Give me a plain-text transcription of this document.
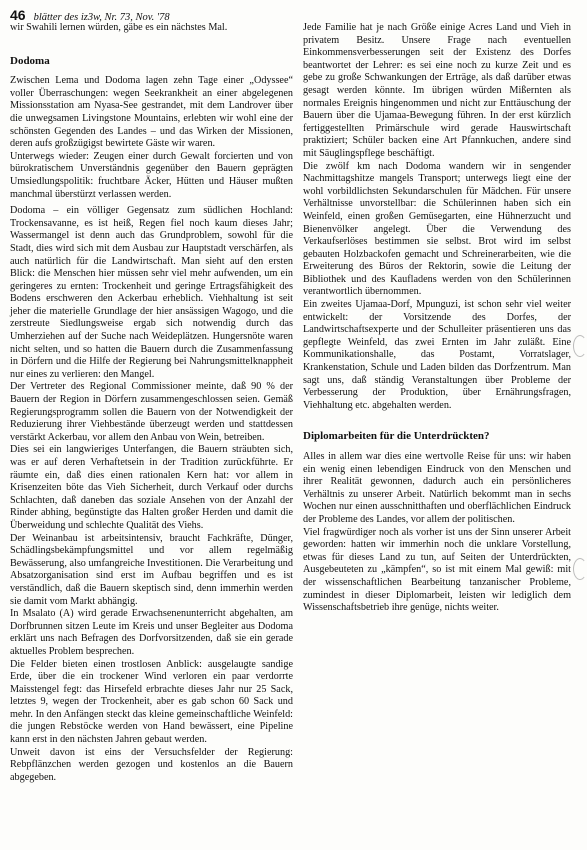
46 blätter des iz3w, Nr. 73, Nov. '78

wir Swahili lernen würden, gäbe es ein nächstes Mal.

Dodoma

Zwischen Lema und Dodoma lagen zehn Tage einer „Odyssee“ voller Überraschungen: wegen Seekrankheit an einer abgelegenen Missionsstation am Nyasa-See gestrandet, mit dem Landrover über die unwegsamen Livingstone Mountains, erlebten wir wohl eine der schönsten Gegenden des Landes – und das Wirken der Missionen, deren aufs großzügigst bewirtete Gäste wir waren.

Unterwegs wieder: Zeugen einer durch Gewalt forcierten und von bürokratischem Unverständnis gegenüber den Bauern geprägten Umsiedlungspolitik: fruchtbare Äcker, Hütten und Häuser mußten manchmal überstürzt verlassen werden.

Dodoma – ein völliger Gegensatz zum südlichen Hochland: Trockensavanne, es ist heiß, Regen fiel noch kaum dieses Jahr; Wassermangel ist denn auch das Grundproblem, sowohl für die Stadt, dies wird sich mit dem Ausbau zur Hauptstadt verschärfen, als auch natürlich für die Landwirtschaft. Man sieht auf den ersten Blick: die Menschen hier müssen sehr viel mehr aufwenden, um ein geringeres zu ernten: Trockenheit und geringe Ertragsfähigkeit des Bodens erschweren den Ackerbau erheblich. Viehhaltung ist seit jeher die materielle Grundlage der hier ansässigen Wagogo, und die zerstreute Siedlungsweise ergab sich notwendig durch das Umherziehen auf der Suche nach Weideplätzen. Hungersnöte waren nicht selten, und so hatten die Bauern durch die Zusammenfassung in Dörfern und die Hilfe der Regierung bei Nahrungsmittelknappheit nur eines zu verlieren: den Mangel.

Der Vertreter des Regional Commissioner meinte, daß 90 % der Bauern der Region in Dörfern zusammengeschlossen seien. Gemäß Regierungsprogramm sollen die Bauern von der Notwendigkeit der Reduzierung ihrer Viehbestände überzeugt werden und stattdessen verstärkt Ackerbau, vor allem den Anbau von Wein, betreiben.

Dies sei ein langwieriges Unterfangen, die Bauern sträubten sich, was er auf deren Verhaftetsein in der Tradition zurückführte. Er räumte ein, daß dies einen rationalen Kern hat: vor allem in Krisenzeiten böte das Vieh Sicherheit, durch Verkauf oder durchs Schlachten, daß daneben das soziale Ansehen von der Anzahl der Rinder abhing, begünstigte das Halten großer Herden und damit die Überweidung und schlechte Qualität des Viehs.

Der Weinanbau ist arbeitsintensiv, braucht Fachkräfte, Dünger, Schädlingsbekämpfungsmittel und vor allem regelmäßig Bewässerung, also umfangreiche Investitionen. Die Verarbeitung und Absatzorganisation sind erst im Aufbau begriffen und es ist verständlich, daß die Bauern skeptisch sind, denn immerhin werden sie damit vom Markt abhängig.

In Msalato (A) wird gerade Erwachsenenunterricht abgehalten, am Dorfbrunnen sitzen Leute im Kreis und unser Begleiter aus Dodoma erklärt uns nach Befragen des Dorfvorsitzenden, daß sie ein gerade aktuelles Problem besprechen.

Die Felder bieten einen trostlosen Anblick: ausgelaugte sandige Erde, über die ein trockener Wind verloren ein paar verdorrte Maisstengel fegt: das Hirsefeld erbrachte dieses Jahr nur 25 Sack, letztes 9, wegen der Trockenheit, aber es gab schon 60 Sack und mehr. In den Anfängen steckt das kleine gemeinschaftliche Weinfeld: die jungen Rebstöcke werden von Hand bewässert, eine Pipeline kann erst in den nächsten Jahren gebaut werden.

Unweit davon ist eins der Versuchsfelder der Regierung: Rebpflänzchen werden gezogen und kostenlos an die Bauern abgegeben.

Jede Familie hat je nach Größe einige Acres Land und Vieh in privatem Besitz. Unsere Frage nach eventuellen Einkommensverbesserungen seit der Existenz des Dorfes beantwortet der Lehrer: es sei eine noch zu kurze Zeit und es gebe zu große Schwankungen der Erträge, als daß darüber etwas gesagt werden könnte. Im übrigen würden Mißernten als normales Ereignis hingenommen und nicht zur Enttäuschung der Bauern über die Ujamaa-Bewegung führen. In der erst kürzlich fertiggestellten Primärschule wird gerade Hauswirtschaft praktiziert; Schüler backen eine Art Pfannkuchen, andere sind mit Säuglingspflege beschäftigt.

Die zwölf km nach Dodoma wandern wir in sengender Nachmittagshitze mangels Transport; unterwegs liegt eine der wohl vorbildlichsten Sekundarschulen für Mädchen. Für unsere Verhältnisse unvorstellbar: die Schülerinnen haben sich ein Weinfeld, einen großen Gemüsegarten, eine Hühnerzucht und Bienenvölker angelegt. Über die Verwendung des Verkaufserlöses bestimmen sie selbst. Brot wird im selbst gebauten Holzbackofen gemacht und Schreinerarbeiten, wie die Erweiterung des Büros der Rektorin, sowie die Leitung der Bibliothek und des Kaufladens werden von den Schülerinnen verantwortlich übernommen.

Ein zweites Ujamaa-Dorf, Mpunguzi, ist schon sehr viel weiter entwickelt: der Vorsitzende des Dorfes, der Landwirtschaftsexperte und der Schulleiter präsentieren uns das gepflegte Weinfeld, das zwei Ernten im Jahr zuläßt. Eine Kommunikationshalle, das Postamt, Vorratslager, Krankenstation, Schule und Laden bilden das Dorfzentrum. Man sagt uns, daß ständig Veranstaltungen über Probleme der Verbesserung der Produktion, über Ernährungsfragen, Viehhaltung etc. abgehalten werden.

Diplomarbeiten für die Unterdrückten?

Alles in allem war dies eine wertvolle Reise für uns: wir haben ein wenig einen lebendigen Eindruck von den Menschen und ihrer Realität gewonnen, dadurch auch ein persönlicheres Verhältnis zu unserer Arbeit. Natürlich bekommt man in sechs Wochen nur einen ausschnitthaften und oberflächlichen Eindruck der Probleme des Landes, vor allem der politischen.

Viel fragwürdiger noch als vorher ist uns der Sinn unserer Arbeit geworden: hatten wir immerhin noch die unklare Vorstellung, etwas für dieses Land zu tun, auf Seiten der Unterdrückten, Ausgebeuteten zu „kämpfen“, so ist mit einem Mal gewiß: mit der wissenschaftlichen Bearbeitung tanzanischer Probleme, zumindest in dieser Diplomarbeit, leisten wir lediglich dem Wissenschaftsbetrieb ihre genüge, nichts weiter.
